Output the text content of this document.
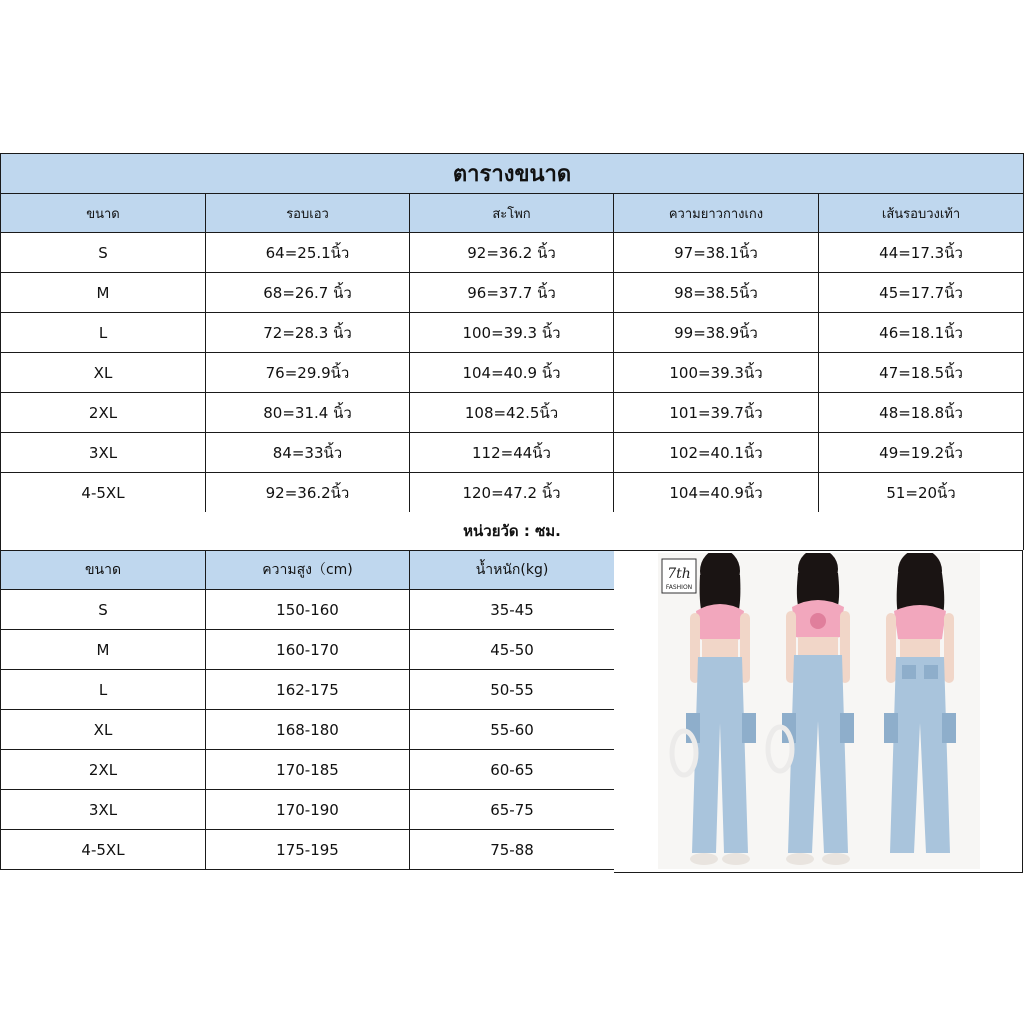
ตารางขนาด				
ขนาด	รอบเอว	สะโพก	ความยาวกางเกง	เส้นรอบวงเท้า
S	64=25.1นิ้ว	92=36.2 นิ้ว	97=38.1นิ้ว	44=17.3นิ้ว
M	68=26.7 นิ้ว	96=37.7 นิ้ว	98=38.5นิ้ว	45=17.7นิ้ว
L	72=28.3 นิ้ว	100=39.3 นิ้ว	99=38.9นิ้ว	46=18.1นิ้ว
XL	76=29.9นิ้ว	104=40.9 นิ้ว	100=39.3นิ้ว	47=18.5นิ้ว
2XL	80=31.4 นิ้ว	108=42.5นิ้ว	101=39.7นิ้ว	48=18.8นิ้ว
3XL	84=33นิ้ว	112=44นิ้ว	102=40.1นิ้ว	49=19.2นิ้ว
4-5XL	92=36.2นิ้ว	120=47.2 นิ้ว	104=40.9นิ้ว	51=20นิ้ว
หน่วยวัด : ซม.
ขนาด	ความสูง（cm)	น้ำหนัก(kg)
S	150-160	35-45
M	160-170	45-50
L	162-175	50-55
XL	168-180	55-60
2XL	170-185	60-65
3XL	170-190	65-75
4-5XL	175-195	75-88
7th
FASHION
